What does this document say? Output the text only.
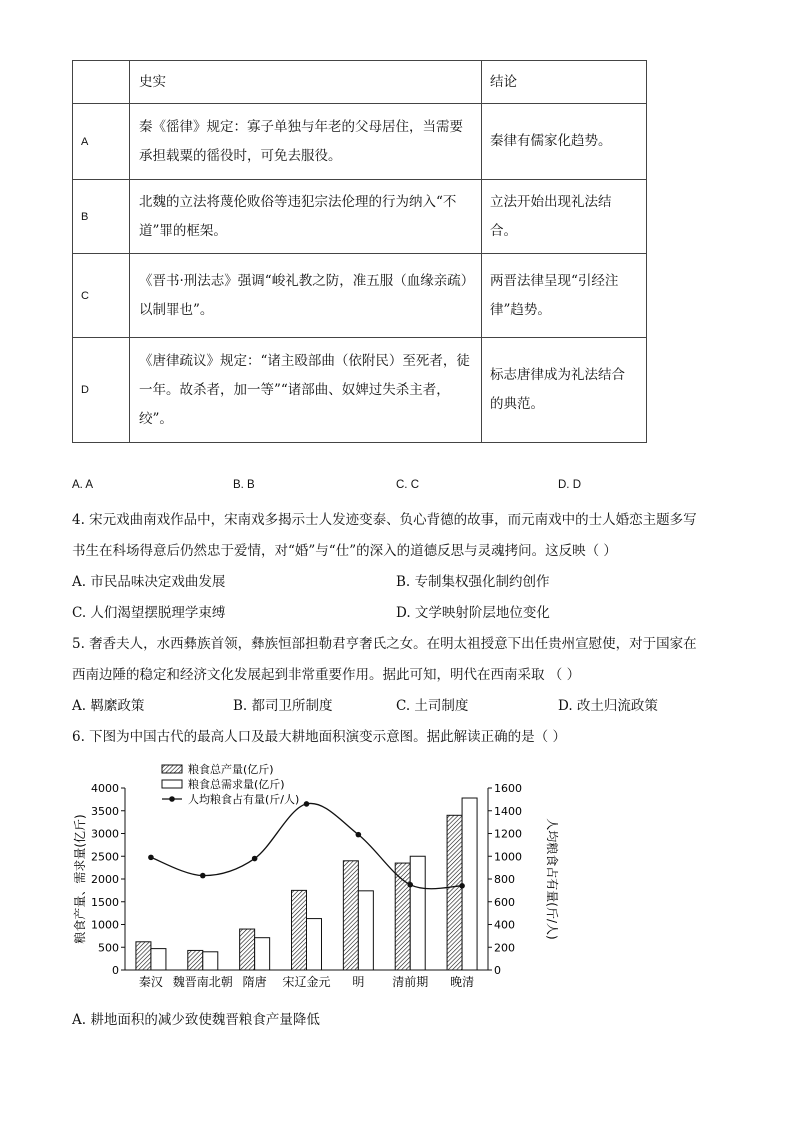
	史实	结论
A	秦《徭律》规定：寡子单独与年老的父母居住，当需要承担载粟的徭役时，可免去服役。	秦律有儒家化趋势。
B	北魏的立法将蔑伦败俗等违犯宗法伦理的行为纳入“不道”罪的框架。	立法开始出现礼法结合。
C	《晋书·刑法志》强调“峻礼教之防，准五服（血缘亲疏）以制罪也”。	两晋法律呈现“引经注律”趋势。
D	《唐律疏议》规定：“诸主殴部曲（依附民）至死者，徒一年。故杀者，加一等”“诸部曲、奴婢过失杀主者，绞”。	标志唐律成为礼法结合的典范。
A. A	B. B	C. C	D. D
4. 宋元戏曲南戏作品中，宋南戏多揭示士人发迹变泰、负心背德的故事，而元南戏中的士人婚恋主题多写
书生在科场得意后仍然忠于爱情，对“婚”与“仕”的深入的道德反思与灵魂拷问。这反映（ ）
A. 市民品味决定戏曲发展	B. 专制集权强化制约创作
C. 人们渴望摆脱理学束缚	D. 文学映射阶层地位变化
5. 奢香夫人，水西彝族首领，彝族恒部担勒君亨奢氏之女。在明太祖授意下出任贵州宣慰使，对于国家在
西南边陲的稳定和经济文化发展起到非常重要作用。据此可知，明代在西南采取 （ ）
A. 羁縻政策	B. 都司卫所制度	C. 土司制度	D. 改土归流政策
6. 下图为中国古代的最高人口及最大耕地面积演变示意图。据此解读正确的是（ ）
0
500
1000
1500
2000
2500
3000
3500
4000
0
200
400
600
800
1000
1200
1400
1600
秦汉 魏晋南北朝 隋唐 宋辽金元 明 清前期 晚清
粮食总产量(亿斤)
粮食总需求量(亿斤)
人均粮食占有量(斤/人)
粮食产量、需求量(亿斤)	人均粮食占有量(斤/人)
A. 耕地面积的减少致使魏晋粮食产量降低
